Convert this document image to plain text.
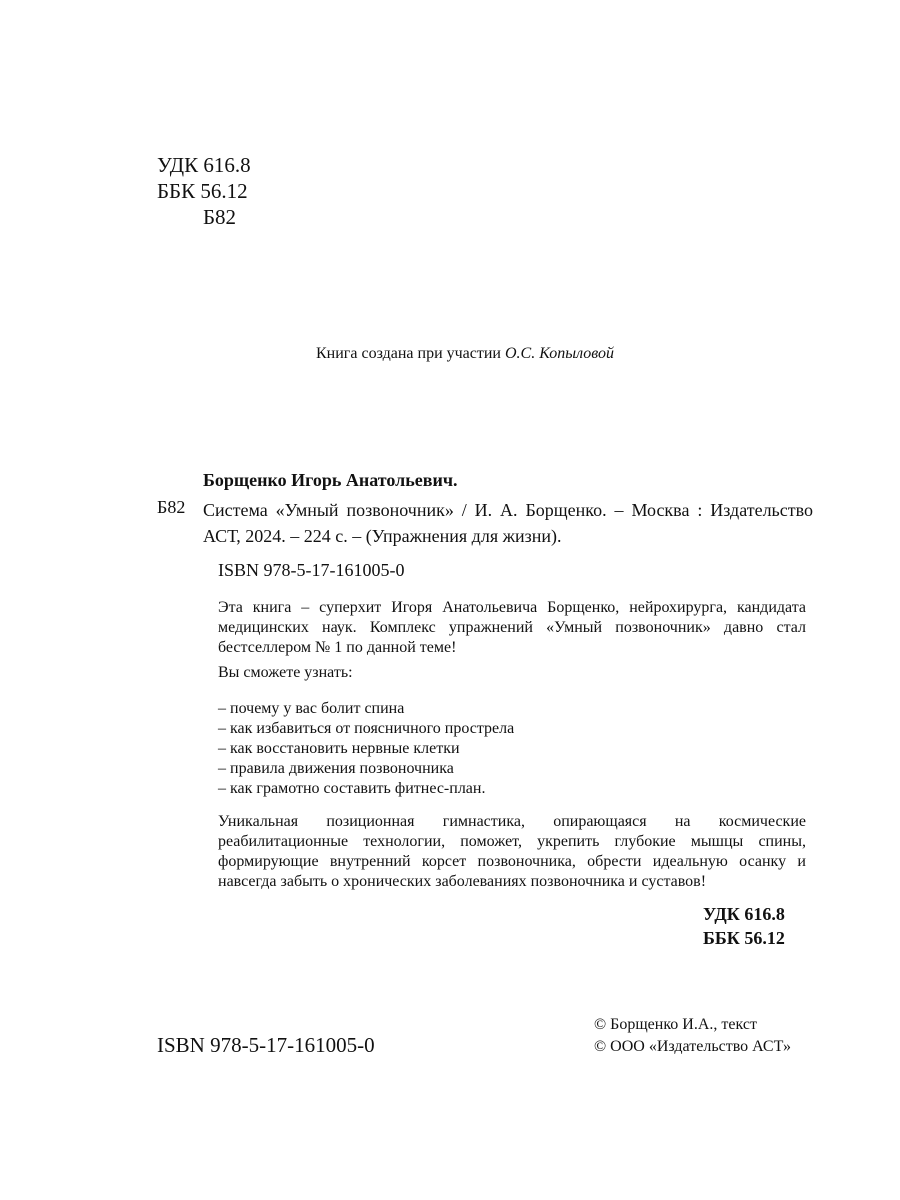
УДК 616.8
ББК 56.12
Б82
Книга создана при участии О.С. Копыловой
Борщенко Игорь Анатольевич.
Б82 Система «Умный позвоночник» / И. А. Борщенко. – Москва : Издательство АСТ, 2024. – 224 с. – (Упражнения для жизни).
ISBN 978-5-17-161005-0
Эта книга – суперхит Игоря Анатольевича Борщенко, нейрохирурга, кандидата медицинских наук. Комплекс упражнений «Умный позвоночник» давно стал бестселлером № 1 по данной теме!
Вы сможете узнать:
– почему у вас болит спина
– как избавиться от поясничного прострела
– как восстановить нервные клетки
– правила движения позвоночника
– как грамотно составить фитнес-план.
Уникальная позиционная гимнастика, опирающаяся на космические реабилитационные технологии, поможет, укрепить глубокие мышцы спины, формирующие внутренний корсет позвоночника, обрести идеальную осанку и навсегда забыть о хронических заболеваниях позвоночника и суставов!
УДК 616.8
ББК 56.12
ISBN 978-5-17-161005-0
© Борщенко И.А., текст
© ООО «Издательство АСТ»
